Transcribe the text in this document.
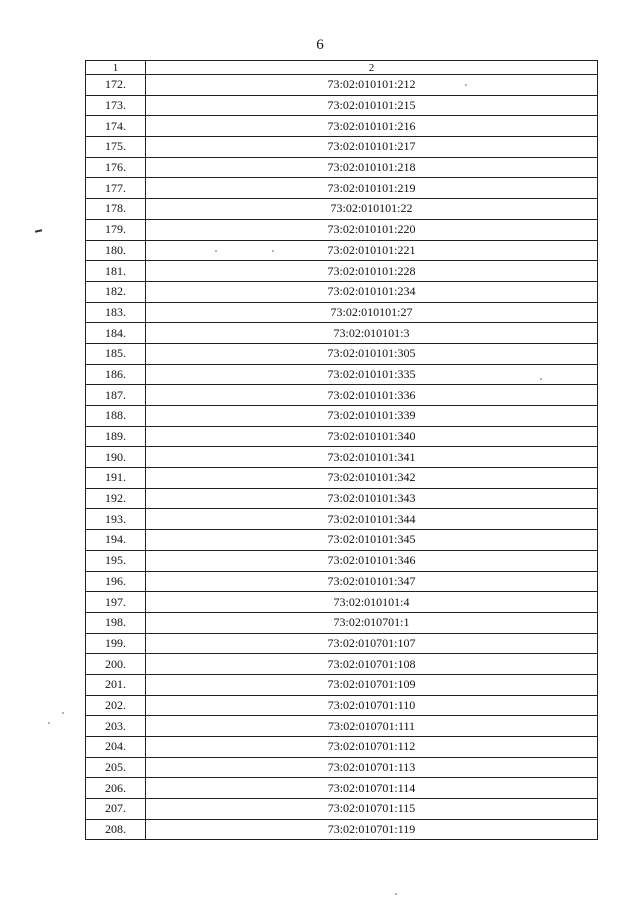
6
1	2
172.	73:02:010101:212
173.	73:02:010101:215
174.	73:02:010101:216
175.	73:02:010101:217
176.	73:02:010101:218
177.	73:02:010101:219
178.	73:02:010101:22
179.	73:02:010101:220
180.	73:02:010101:221
181.	73:02:010101:228
182.	73:02:010101:234
183.	73:02:010101:27
184.	73:02:010101:3
185.	73:02:010101:305
186.	73:02:010101:335
187.	73:02:010101:336
188.	73:02:010101:339
189.	73:02:010101:340
190.	73:02:010101:341
191.	73:02:010101:342
192.	73:02:010101:343
193.	73:02:010101:344
194.	73:02:010101:345
195.	73:02:010101:346
196.	73:02:010101:347
197.	73:02:010101:4
198.	73:02:010701:1
199.	73:02:010701:107
200.	73:02:010701:108
201.	73:02:010701:109
202.	73:02:010701:110
203.	73:02:010701:111
204.	73:02:010701:112
205.	73:02:010701:113
206.	73:02:010701:114
207.	73:02:010701:115
208.	73:02:010701:119
